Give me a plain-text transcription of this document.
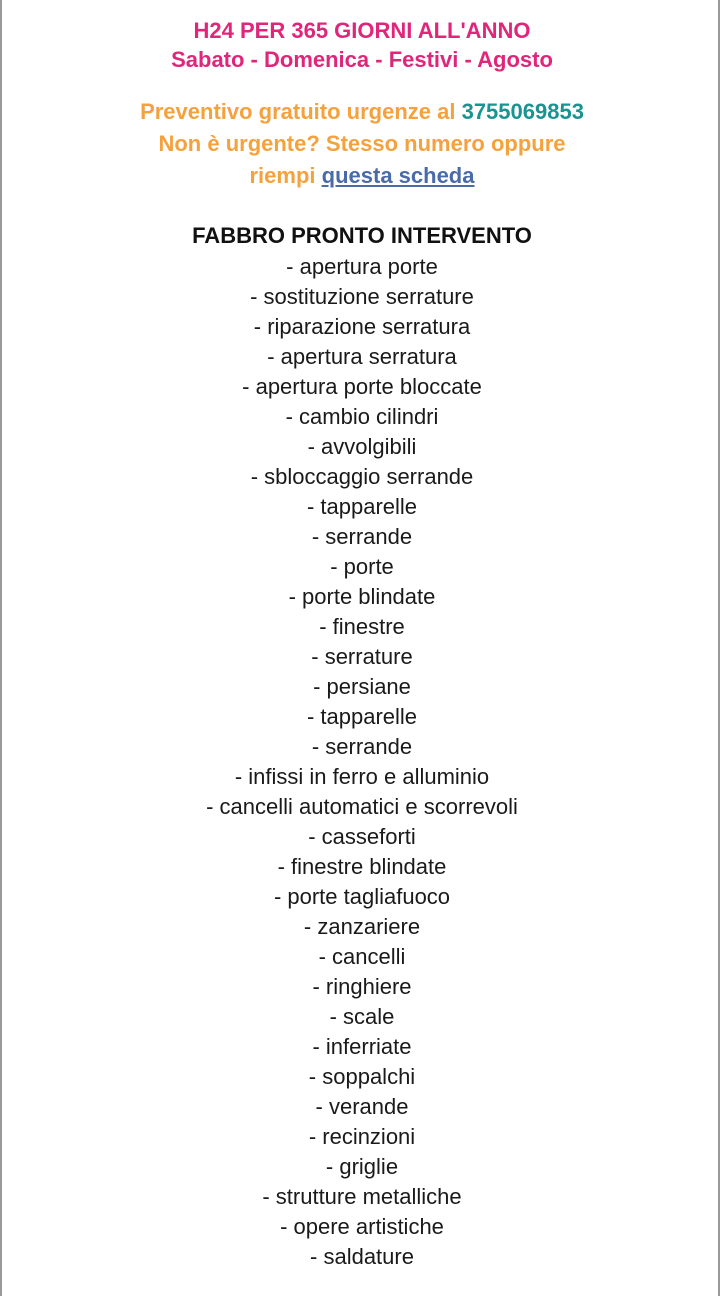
H24 PER 365 GIORNI ALL'ANNO

Sabato - Domenica - Festivi - Agosto

Preventivo gratuito urgenze al 3755069853

Non è urgente? Stesso numero oppure

riempi questa scheda

FABBRO PRONTO INTERVENTO
- apertura porte
- sostituzione serrature
- riparazione serratura
- apertura serratura
- apertura porte bloccate
- cambio cilindri
- avvolgibili
- sbloccaggio serrande
- tapparelle
- serrande
- porte
- porte blindate
- finestre
- serrature
- persiane
- tapparelle
- serrande
- infissi in ferro e alluminio
- cancelli automatici e scorrevoli
- casseforti
- finestre blindate
- porte tagliafuoco
- zanzariere
- cancelli
- ringhiere
- scale
- inferriate
- soppalchi
- verande
- recinzioni
- griglie
- strutture metalliche
- opere artistiche
- saldature
